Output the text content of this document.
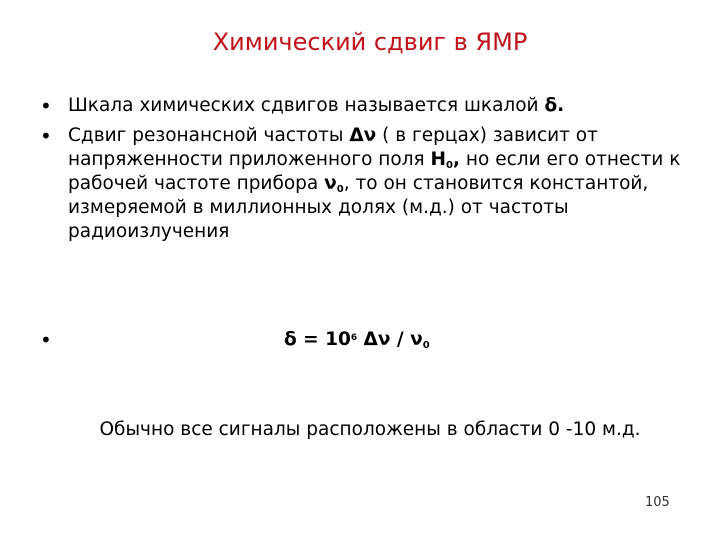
Химический сдвиг в ЯМР
• Шкала химических сдвигов называется шкалой δ.
• Сдвиг резонансной частоты Δν ( в герцах) зависит от напряженности приложенного поля $H_0$, но если его отнести к рабочей частоте прибора $\nu_0$, то он становится константой, измеряемой в миллионных долях (м.д.) от частоты радиоизлучения
•	$\delta = 10^6$ Δν / $\nu_0$
Обычно все сигналы расположены в области 0 -10 м.д.
105
